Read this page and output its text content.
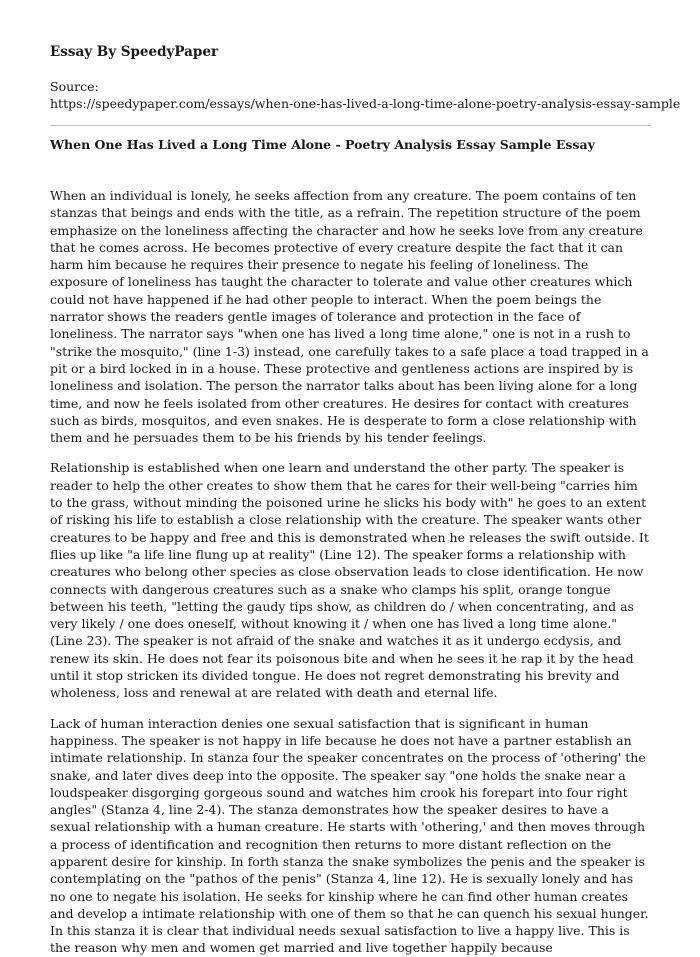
Essay By SpeedyPaper
Source:
https://speedypaper.com/essays/when-one-has-lived-a-long-time-alone-poetry-analysis-essay-sample
When One Has Lived a Long Time Alone - Poetry Analysis Essay Sample Essay

When an individual is lonely, he seeks affection from any creature. The poem contains of ten stanzas that beings and ends with the title, as a refrain. The repetition structure of the poem emphasize on the loneliness affecting the character and how he seeks love from any creature that he comes across. He becomes protective of every creature despite the fact that it can harm him because he requires their presence to negate his feeling of loneliness. The exposure of loneliness has taught the character to tolerate and value other creatures which could not have happened if he had other people to interact. When the poem beings the narrator shows the readers gentle images of tolerance and protection in the face of loneliness. The narrator says "when one has lived a long time alone," one is not in a rush to "strike the mosquito," (line 1-3) instead, one carefully takes to a safe place a toad trapped in a pit or a bird locked in in a house. These protective and gentleness actions are inspired by is loneliness and isolation. The person the narrator talks about has been living alone for a long time, and now he feels isolated from other creatures. He desires for contact with creatures such as birds, mosquitos, and even snakes. He is desperate to form a close relationship with them and he persuades them to be his friends by his tender feelings.

Relationship is established when one learn and understand the other party. The speaker is reader to help the other creates to show them that he cares for their well-being "carries him to the grass, without minding the poisoned urine he slicks his body with" he goes to an extent of risking his life to establish a close relationship with the creature. The speaker wants other creatures to be happy and free and this is demonstrated when he releases the swift outside. It flies up like "a life line flung up at reality" (Line 12). The speaker forms a relationship with creatures who belong other species as close observation leads to close identification. He now connects with dangerous creatures such as a snake who clamps his split, orange tongue between his teeth, "letting the gaudy tips show, as children do / when concentrating, and as very likely / one does oneself, without knowing it / when one has lived a long time alone." (Line 23). The speaker is not afraid of the snake and watches it as it undergo ecdysis, and renew its skin. He does not fear its poisonous bite and when he sees it he rap it by the head until it stop stricken its divided tongue. He does not regret demonstrating his brevity and wholeness, loss and renewal at are related with death and eternal life.

Lack of human interaction denies one sexual satisfaction that is significant in human happiness. The speaker is not happy in life because he does not have a partner establish an intimate relationship. In stanza four the speaker concentrates on the process of 'othering' the snake, and later dives deep into the opposite. The speaker say "one holds the snake near a loudspeaker disgorging gorgeous sound and watches him crook his forepart into four right angles" (Stanza 4, line 2-4). The stanza demonstrates how the speaker desires to have a sexual relationship with a human creature. He starts with 'othering,' and then moves through a process of identification and recognition then returns to more distant reflection on the apparent desire for kinship. In forth stanza the snake symbolizes the penis and the speaker is contemplating on the "pathos of the penis" (Stanza 4, line 12). He is sexually lonely and has no one to negate his isolation. He seeks for kinship where he can find other human creates and develop a intimate relationship with one of them so that he can quench his sexual hunger. In this stanza it is clear that individual needs sexual satisfaction to live a happy live. This is the reason why men and women get married and live together happily because
